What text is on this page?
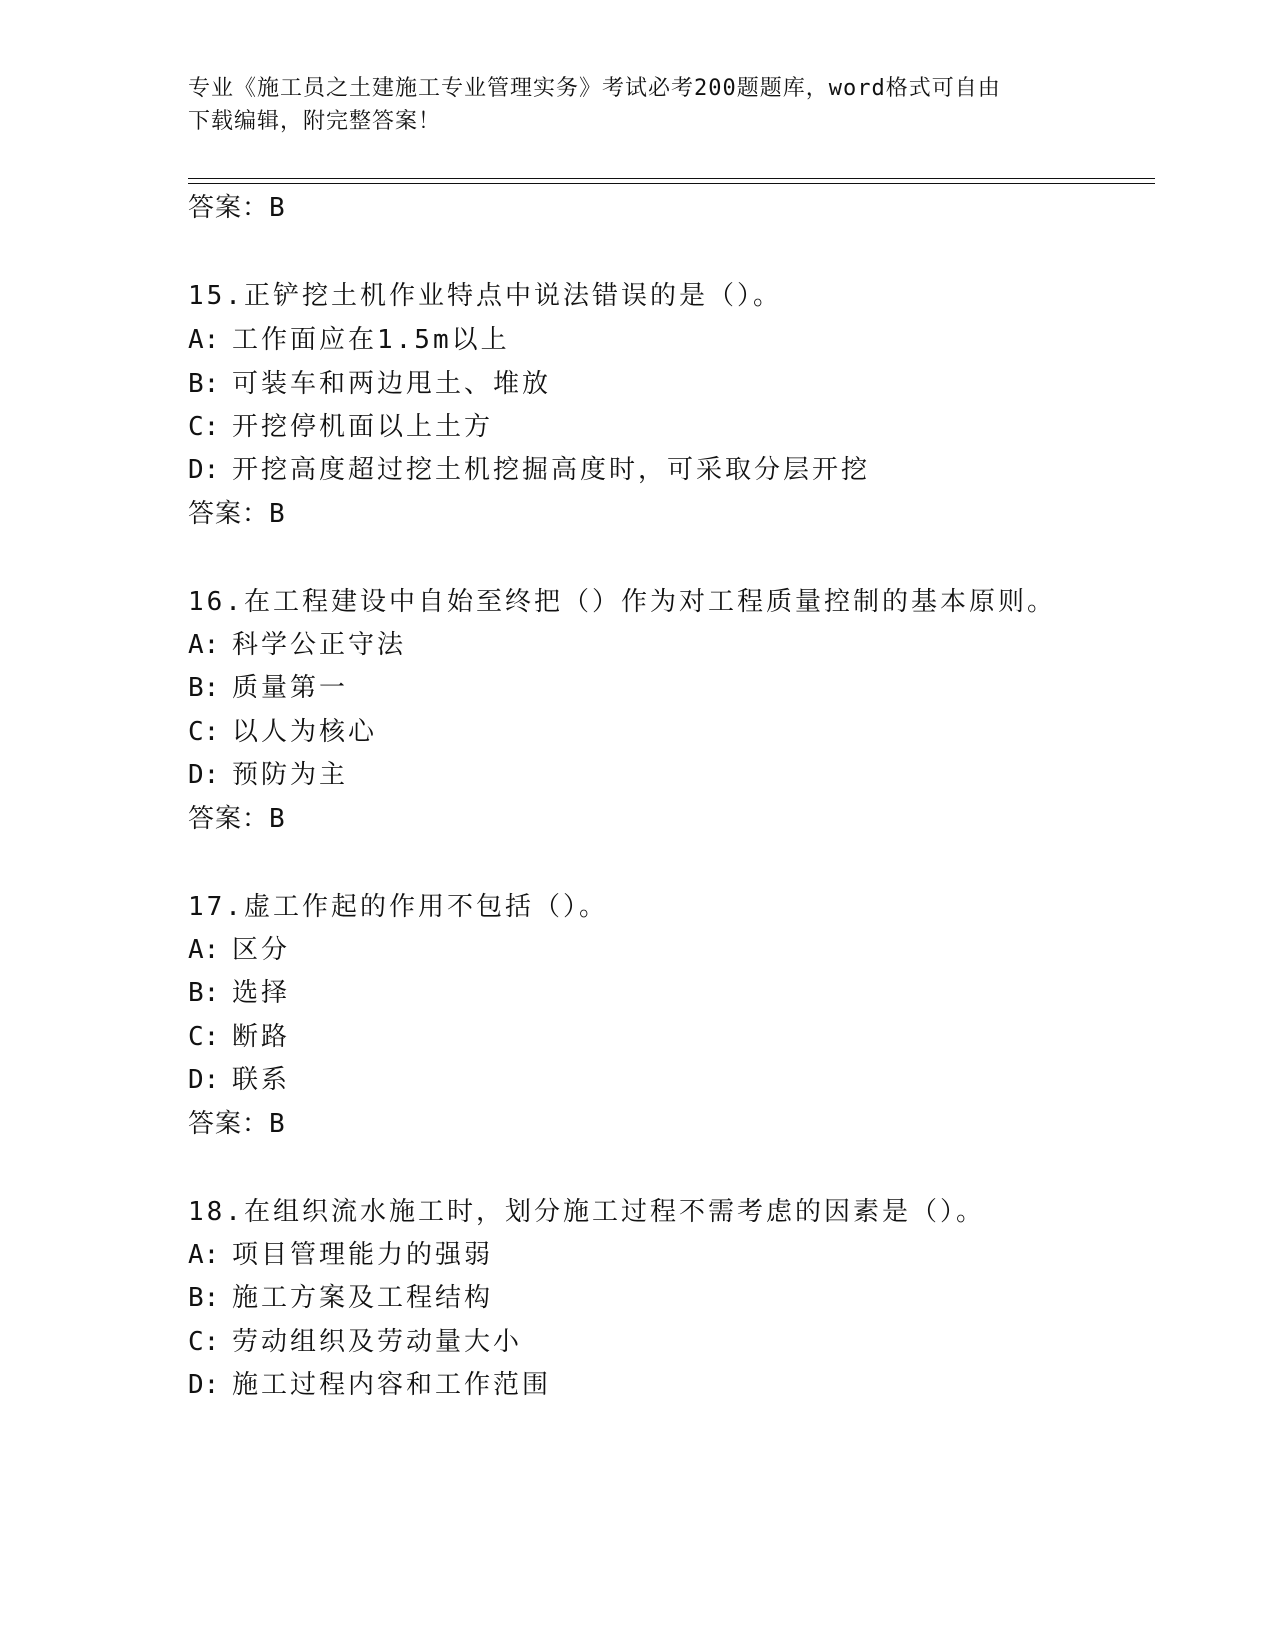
专业《施工员之土建施工专业管理实务》考试必考200题题库，word格式可自由
下载编辑，附完整答案！
答案：B
15.正铲挖土机作业特点中说法错误的是（）。
A: 工作面应在1.5m以上
B: 可装车和两边甩土、堆放
C: 开挖停机面以上土方
D: 开挖高度超过挖土机挖掘高度时，可采取分层开挖
答案：B
16.在工程建设中自始至终把（）作为对工程质量控制的基本原则。
A: 科学公正守法
B: 质量第一
C: 以人为核心
D: 预防为主
答案：B
17.虚工作起的作用不包括（）。
A: 区分
B: 选择
C: 断路
D: 联系
答案：B
18.在组织流水施工时，划分施工过程不需考虑的因素是（）。
A: 项目管理能力的强弱
B: 施工方案及工程结构
C: 劳动组织及劳动量大小
D: 施工过程内容和工作范围
